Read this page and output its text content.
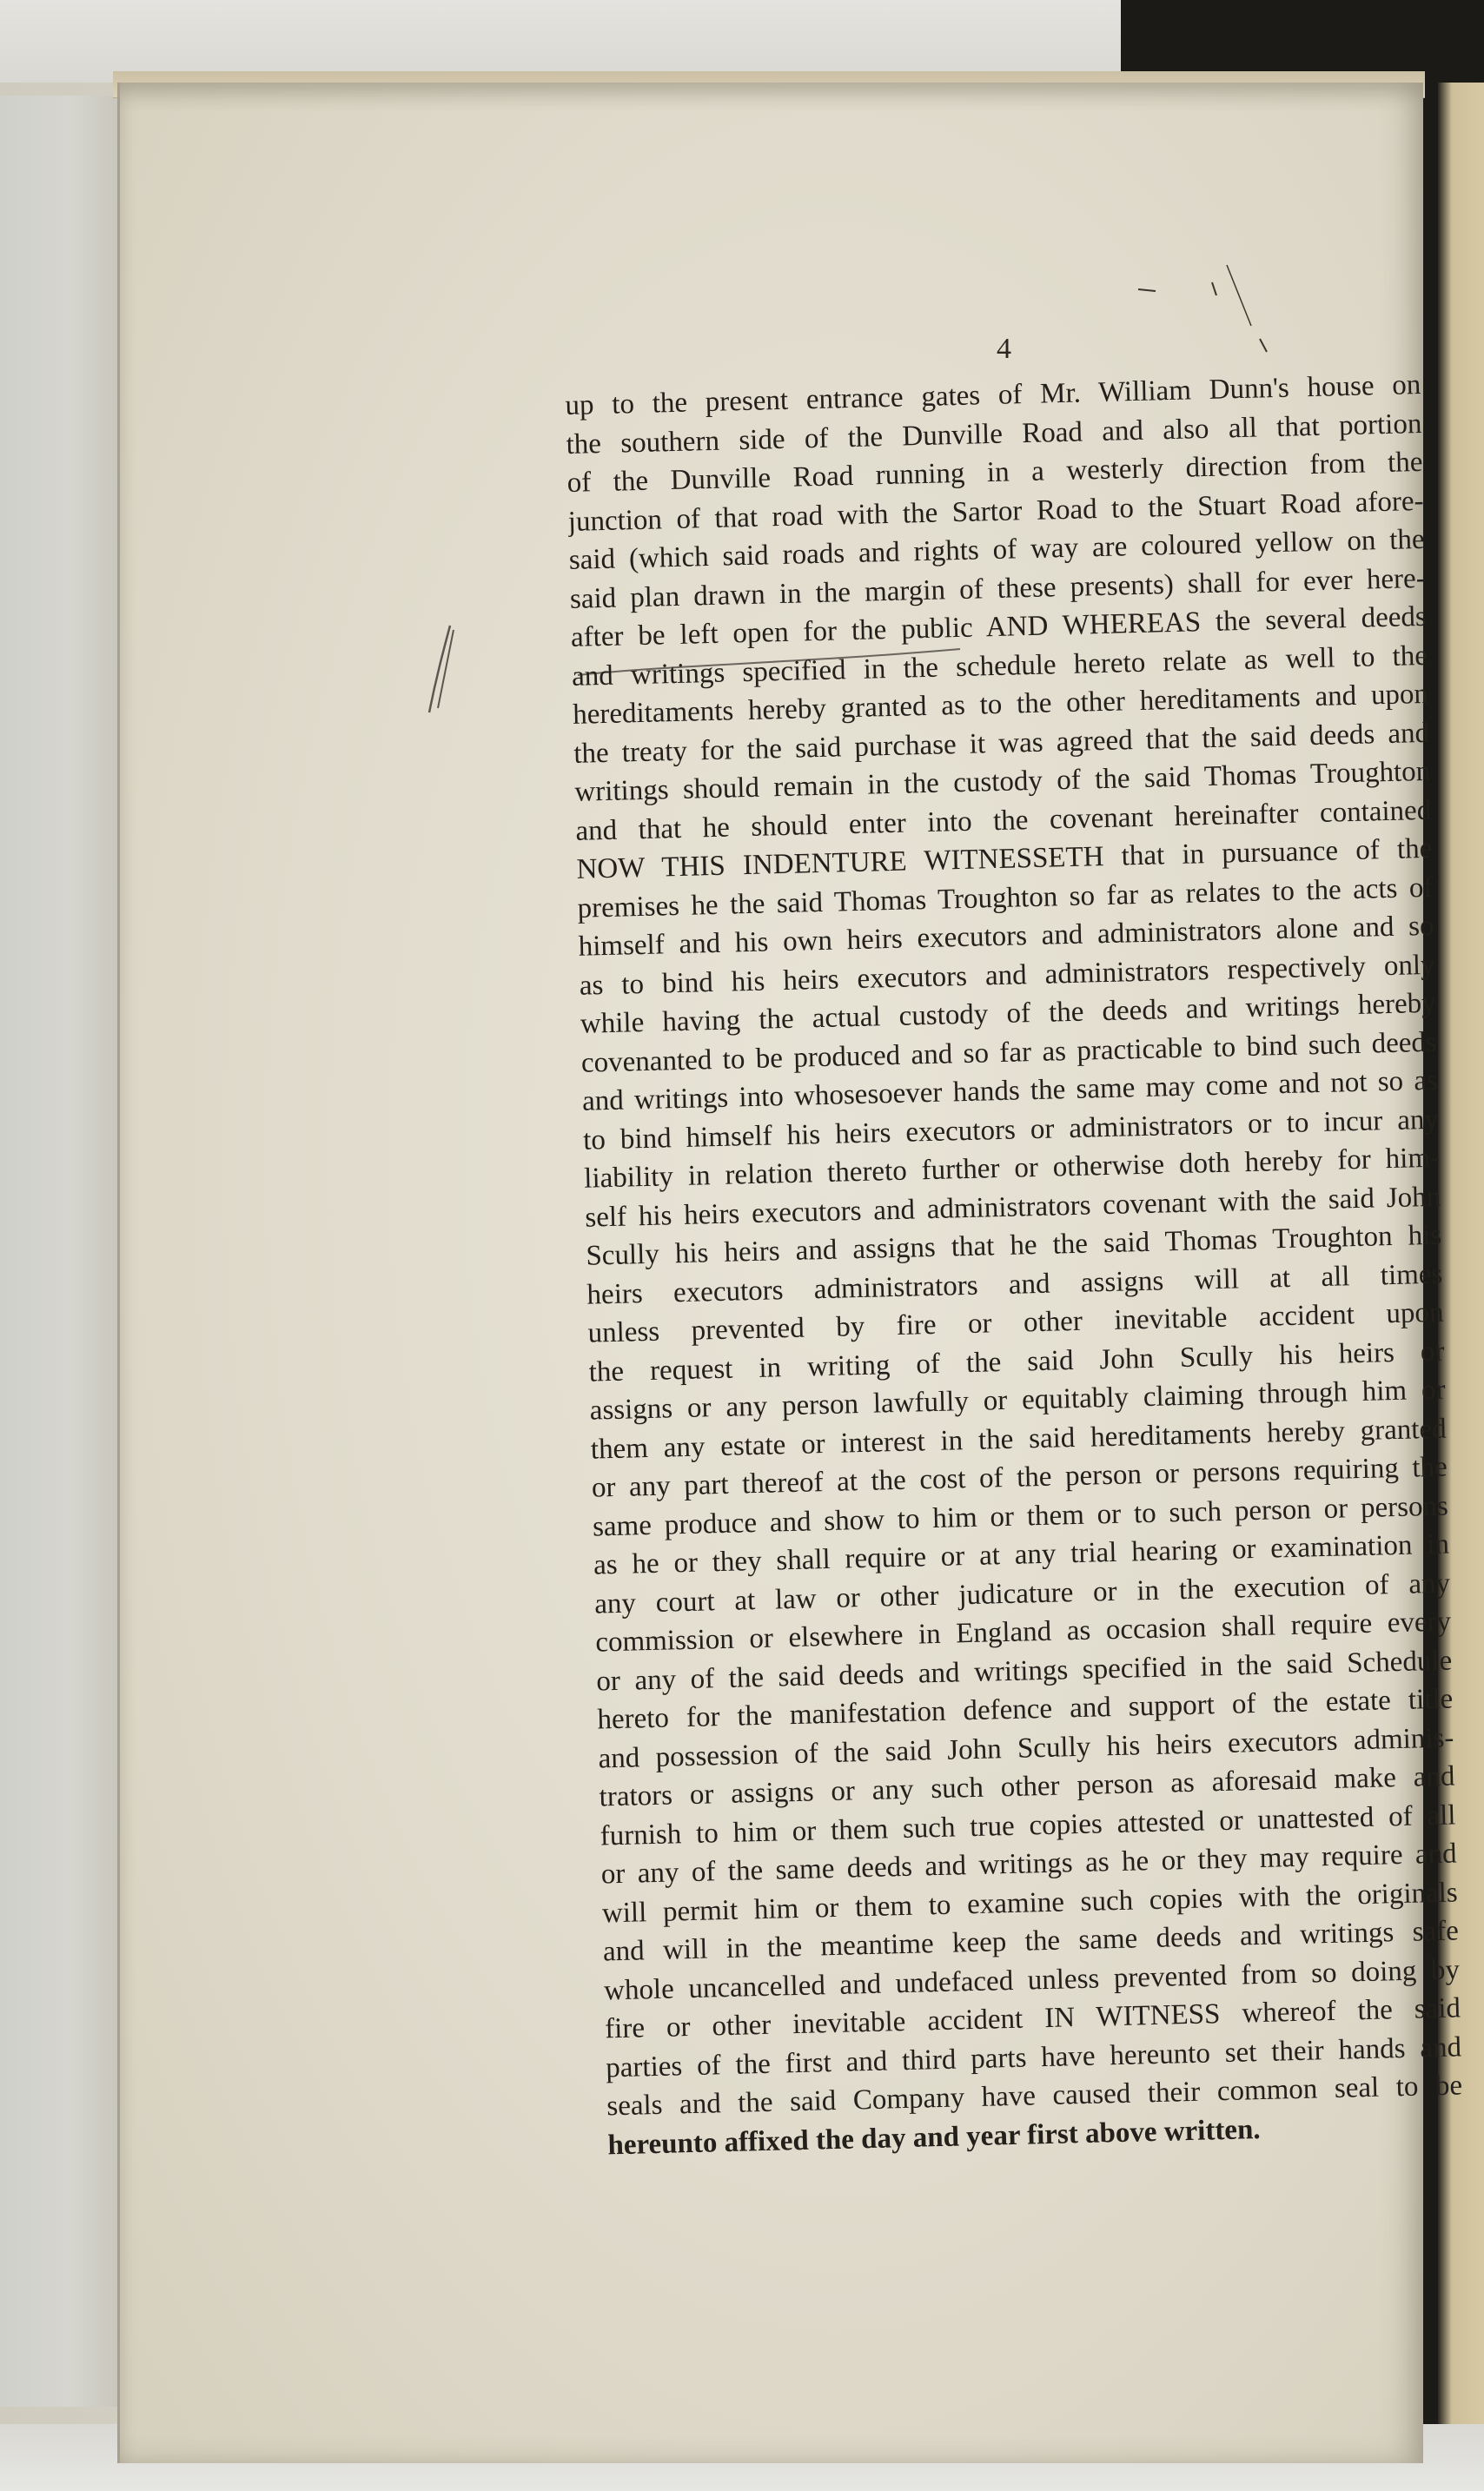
4
up to the present entrance gates of Mr. William Dunn's house on
the southern side of the Dunville Road and also all that portion
of the Dunville Road running in a westerly direction from the
junction of that road with the Sartor Road to the Stuart Road afore-
said (which said roads and rights of way are coloured yellow on the
said plan drawn in the margin of these presents) shall for ever here-
after be left open for the public AND WHEREAS the several deeds
and writings specified in the schedule hereto relate as well to the
hereditaments hereby granted as to the other hereditaments and upon
the treaty for the said purchase it was agreed that the said deeds and
writings should remain in the custody of the said Thomas Troughton
and that he should enter into the covenant hereinafter contained
NOW THIS INDENTURE WITNESSETH that in pursuance of the
premises he the said Thomas Troughton so far as relates to the acts of
himself and his own heirs executors and administrators alone and so
as to bind his heirs executors and administrators respectively only
while having the actual custody of the deeds and writings hereby
covenanted to be produced and so far as practicable to bind such deeds
and writings into whosesoever hands the same may come and not so as
to bind himself his heirs executors or administrators or to incur any
liability in relation thereto further or otherwise doth hereby for him-
self his heirs executors and administrators covenant with the said John
Scully his heirs and assigns that he the said Thomas Troughton his
heirs executors administrators and assigns will at all times
unless prevented by fire or other inevitable accident upon
the request in writing of the said John Scully his heirs or
assigns or any person lawfully or equitably claiming through him or
them any estate or interest in the said hereditaments hereby granted
or any part thereof at the cost of the person or persons requiring the
same produce and show to him or them or to such person or persons
as he or they shall require or at any trial hearing or examination in
any court at law or other judicature or in the execution of any
commission or elsewhere in England as occasion shall require every
or any of the said deeds and writings specified in the said Schedule
hereto for the manifestation defence and support of the estate title
and possession of the said John Scully his heirs executors adminis-
trators or assigns or any such other person as aforesaid make and
furnish to him or them such true copies attested or unattested of all
or any of the same deeds and writings as he or they may require and
will permit him or them to examine such copies with the originals
and will in the meantime keep the same deeds and writings safe
whole uncancelled and undefaced unless prevented from so doing by
fire or other inevitable accident IN WITNESS whereof the said
parties of the first and third parts have hereunto set their hands and
seals and the said Company have caused their common seal to be
hereunto affixed the day and year first above written.
